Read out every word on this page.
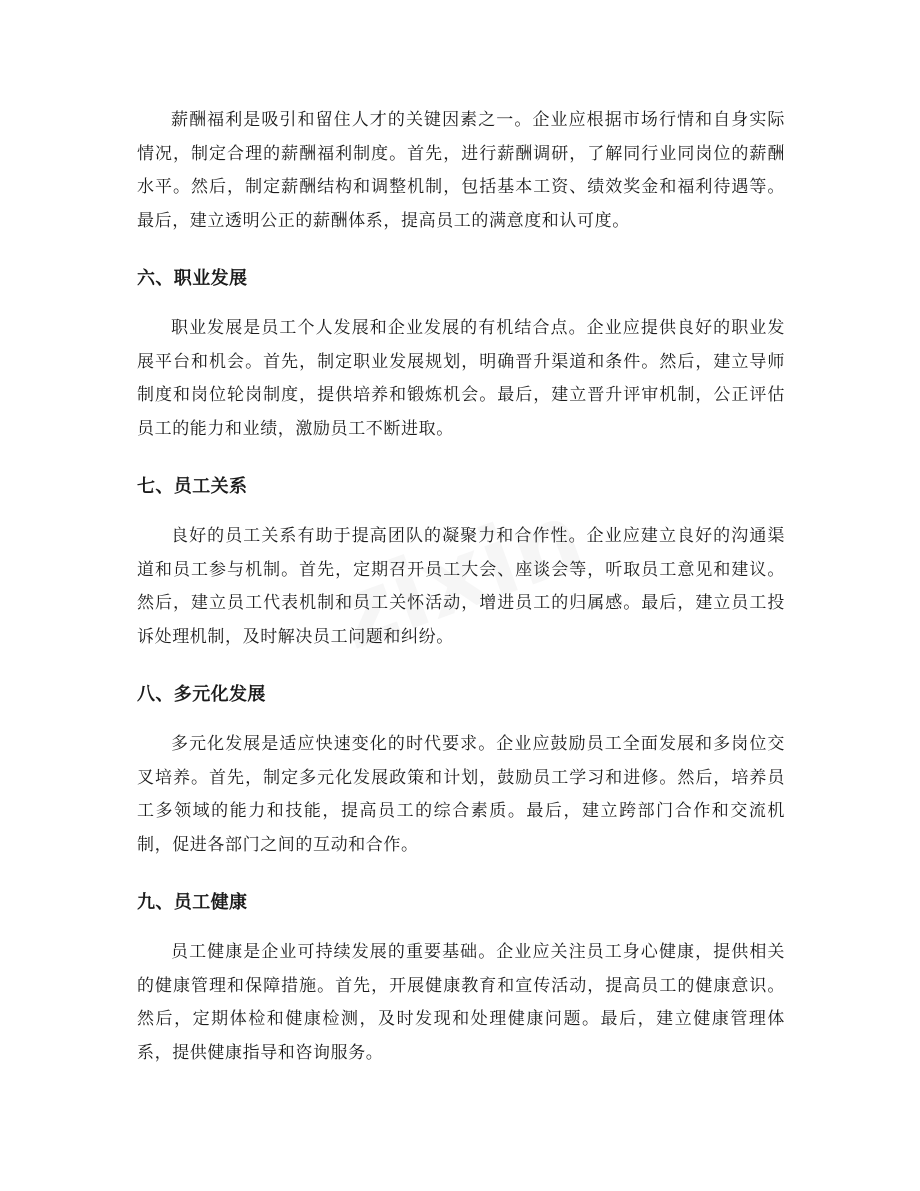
薪酬福利是吸引和留住人才的关键因素之一。企业应根据市场行情和自身实际情况，制定合理的薪酬福利制度。首先，进行薪酬调研，了解同行业同岗位的薪酬水平。然后，制定薪酬结构和调整机制，包括基本工资、绩效奖金和福利待遇等。最后，建立透明公正的薪酬体系，提高员工的满意度和认可度。

六、职业发展

职业发展是员工个人发展和企业发展的有机结合点。企业应提供良好的职业发展平台和机会。首先，制定职业发展规划，明确晋升渠道和条件。然后，建立导师制度和岗位轮岗制度，提供培养和锻炼机会。最后，建立晋升评审机制，公正评估员工的能力和业绩，激励员工不断进取。

七、员工关系

良好的员工关系有助于提高团队的凝聚力和合作性。企业应建立良好的沟通渠道和员工参与机制。首先，定期召开员工大会、座谈会等，听取员工意见和建议。然后，建立员工代表机制和员工关怀活动，增进员工的归属感。最后，建立员工投诉处理机制，及时解决员工问题和纠纷。

八、多元化发展

多元化发展是适应快速变化的时代要求。企业应鼓励员工全面发展和多岗位交叉培养。首先，制定多元化发展政策和计划，鼓励员工学习和进修。然后，培养员工多领域的能力和技能，提高员工的综合素质。最后，建立跨部门合作和交流机制，促进各部门之间的互动和合作。

九、员工健康

员工健康是企业可持续发展的重要基础。企业应关注员工身心健康，提供相关的健康管理和保障措施。首先，开展健康教育和宣传活动，提高员工的健康意识。然后，定期体检和健康检测，及时发现和处理健康问题。最后，建立健康管理体系，提供健康指导和咨询服务。
